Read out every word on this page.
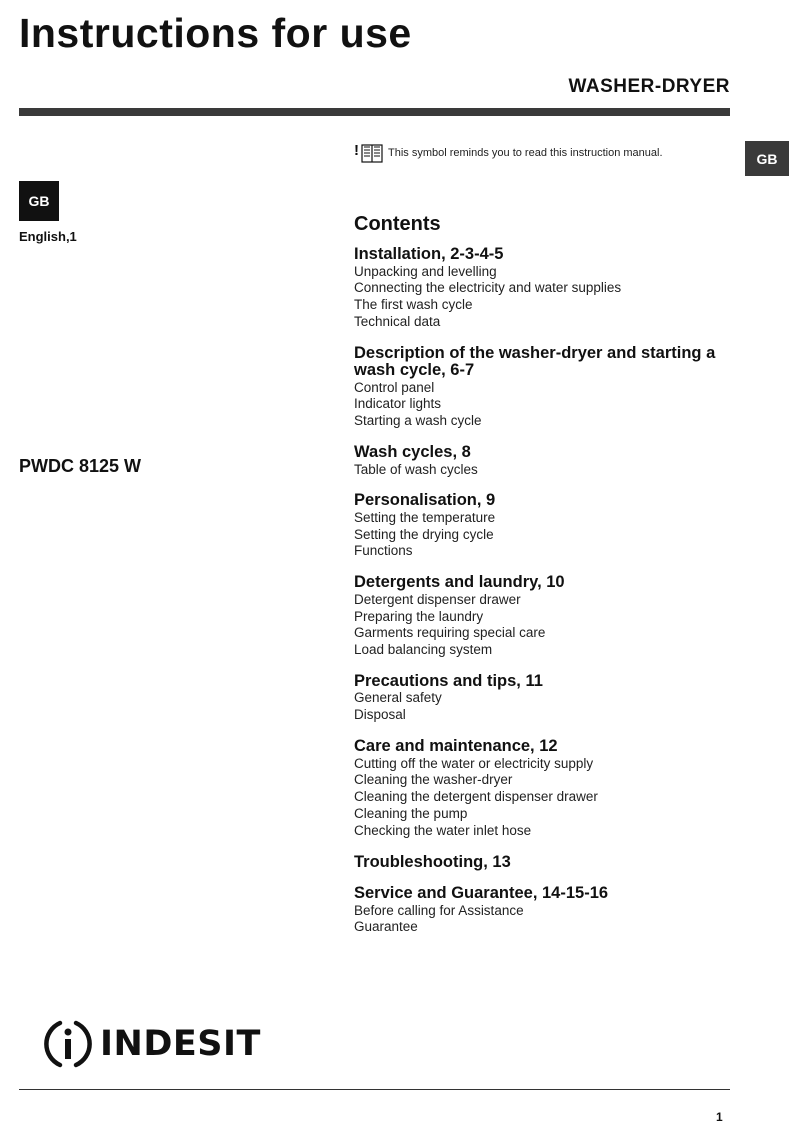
Instructions for use
WASHER-DRYER
GB
GB
English,1
PWDC 8125 W
!	This symbol reminds you to read this instruction manual.
Contents
Installation, 2-3-4-5
Unpacking and levelling
Connecting the electricity and water supplies
The first wash cycle
Technical data
Description of the washer-dryer and starting a wash cycle, 6-7
Control panel
Indicator lights
Starting a wash cycle
Wash cycles, 8
Table of wash cycles
Personalisation, 9
Setting the temperature
Setting the drying cycle
Functions
Detergents and laundry, 10
Detergent dispenser drawer
Preparing the laundry
Garments requiring special care
Load balancing system
Precautions and tips, 11
General safety
Disposal
Care and maintenance, 12
Cutting off the water or electricity supply
Cleaning the washer-dryer
Cleaning the detergent dispenser drawer
Cleaning the pump
Checking the water inlet hose
Troubleshooting, 13
Service and Guarantee, 14-15-16
Before calling for Assistance
Guarantee
INDESIT
1
